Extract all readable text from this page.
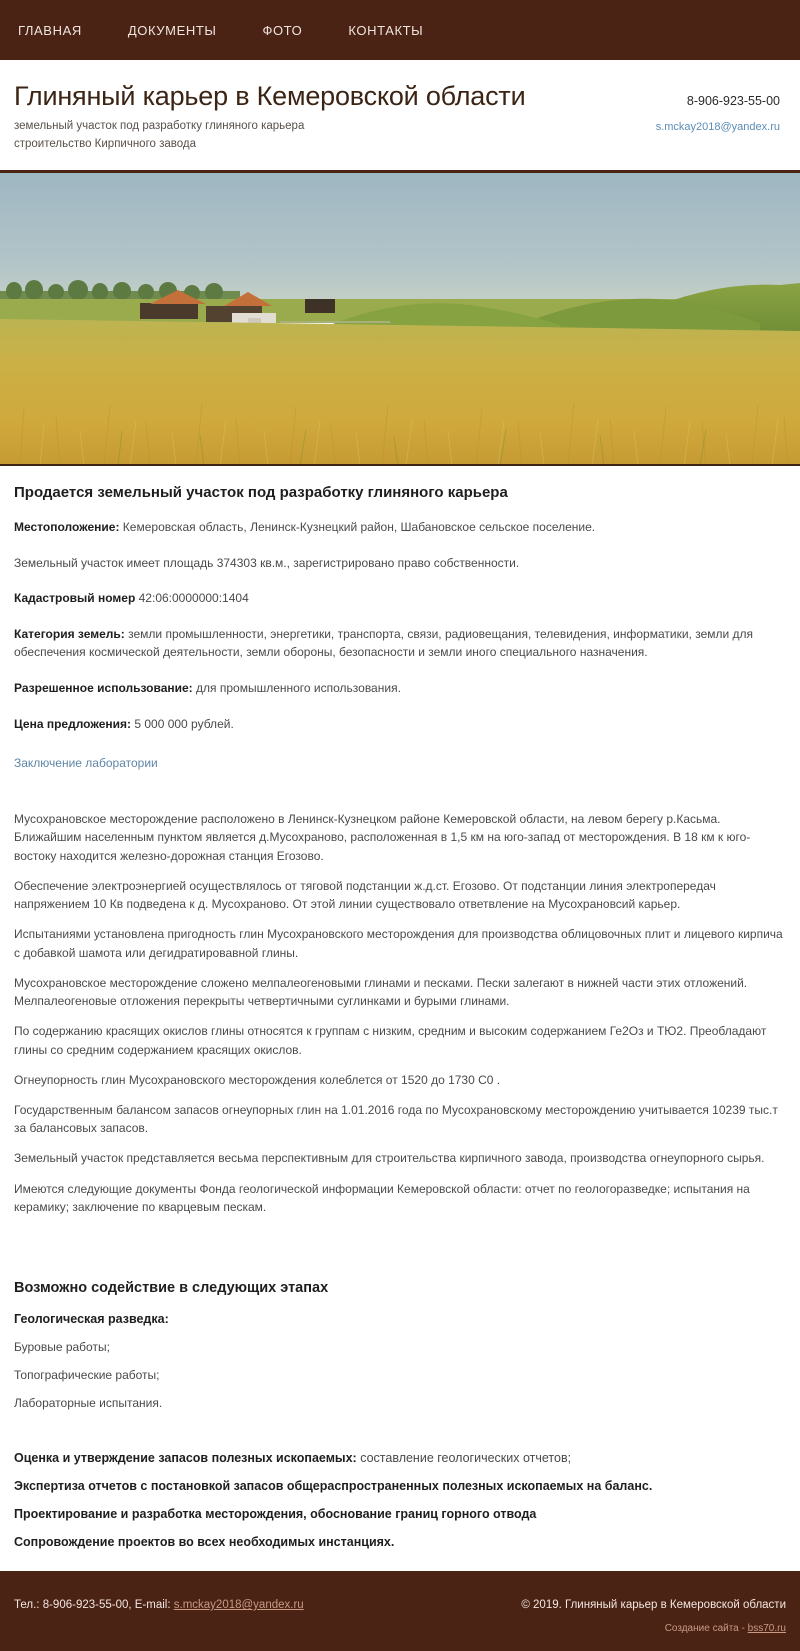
ГЛАВНАЯ	ДОКУМЕНТЫ	ФОТО	КОНТАКТЫ
Глиняный карьер в Кемеровской области

земельный участок под разработку глиняного карьера

строительство Кирпичного завода

8-906-923-55-00
s.mckay2018@yandex.ru
Продается земельный участок под разработку глиняного карьера

Местоположение: Кемеровская область, Ленинск-Кузнецкий район, Шабановское сельское поселение.

Земельный участок имеет площадь 374303 кв.м., зарегистрировано право собственности.

Кадастровый номер 42:06:0000000:1404

Категория земель: земли промышленности, энергетики, транспорта, связи, радиовещания, телевидения, информатики, земли для обеспечения космической деятельности, земли обороны, безопасности и земли иного специального назначения.

Разрешенное использование: для промышленного использования.

Цена предложения: 5 000 000 рублей.

Заключение лаборатории

Мусохрановское месторождение расположено в Ленинск-Кузнецком районе Кемеровской области, на левом берегу р.Касьма. Ближайшим населенным пунктом является д.Мусохраново, расположенная в 1,5 км на юго-запад от месторождения. В 18 км к юго-востоку находится железно-дорожная станция Егозово.

Обеспечение электроэнергией осуществлялось от тяговой подстанции ж.д.ст. Егозово. От подстанции линия электропередач напряжением 10 Кв подведена к д. Мусохраново. От этой линии существовало ответвление на Мусохрановсий карьер.

Испытаниями установлена пригодность глин Мусохрановского месторождения для производства облицовочных плит и лицевого кирпича с добавкой шамота или дегидратировавной глины.

Мусохрановское месторождение сложено мелпалеогеновыми глинами и песками. Пески залегают в нижней части этих отложений. Мелпалеогеновые отложения перекрыты четвертичными суглинками и бурыми глинами.

По содержанию красящих окислов глины относятся к группам с низким, средним и высоким содержанием Ге2Оз и ТЮ2. Преобладают глины со средним содержанием красящих окислов.

Огнеупорность глин Мусохрановского месторождения колеблется от 1520 до 1730 С0 .

Государственным балансом запасов огнеупорных глин на 1.01.2016 года по Мусохрановскому месторождению учитывается 10239 тыс.т за балансовых запасов.

Земельный участок представляется весьма перспективным для строительства кирпичного завода, производства огнеупорного сырья.

Имеются следующие документы Фонда геологической информации Кемеровской области: отчет по геологоразведке; испытания на керамику; заключение по кварцевым пескам.

Возможно содействие в следующих этапах

Геологическая разведка:

Буровые работы;

Топографические работы;

Лабораторные испытания.

Оценка и утверждение запасов полезных ископаемых: составление геологических отчетов;

Экспертиза отчетов с постановкой запасов общераспространенных полезных ископаемых на баланс.

Проектирование и разработка месторождения, обоснование границ горного отвода

Сопровождение проектов во всех необходимых инстанциях.

Тел.: 8-906-923-55-00, E-mail: s.mckay2018@yandex.ru	© 2019. Глиняный карьер в Кемеровской области
Создание сайта - bss70.ru
